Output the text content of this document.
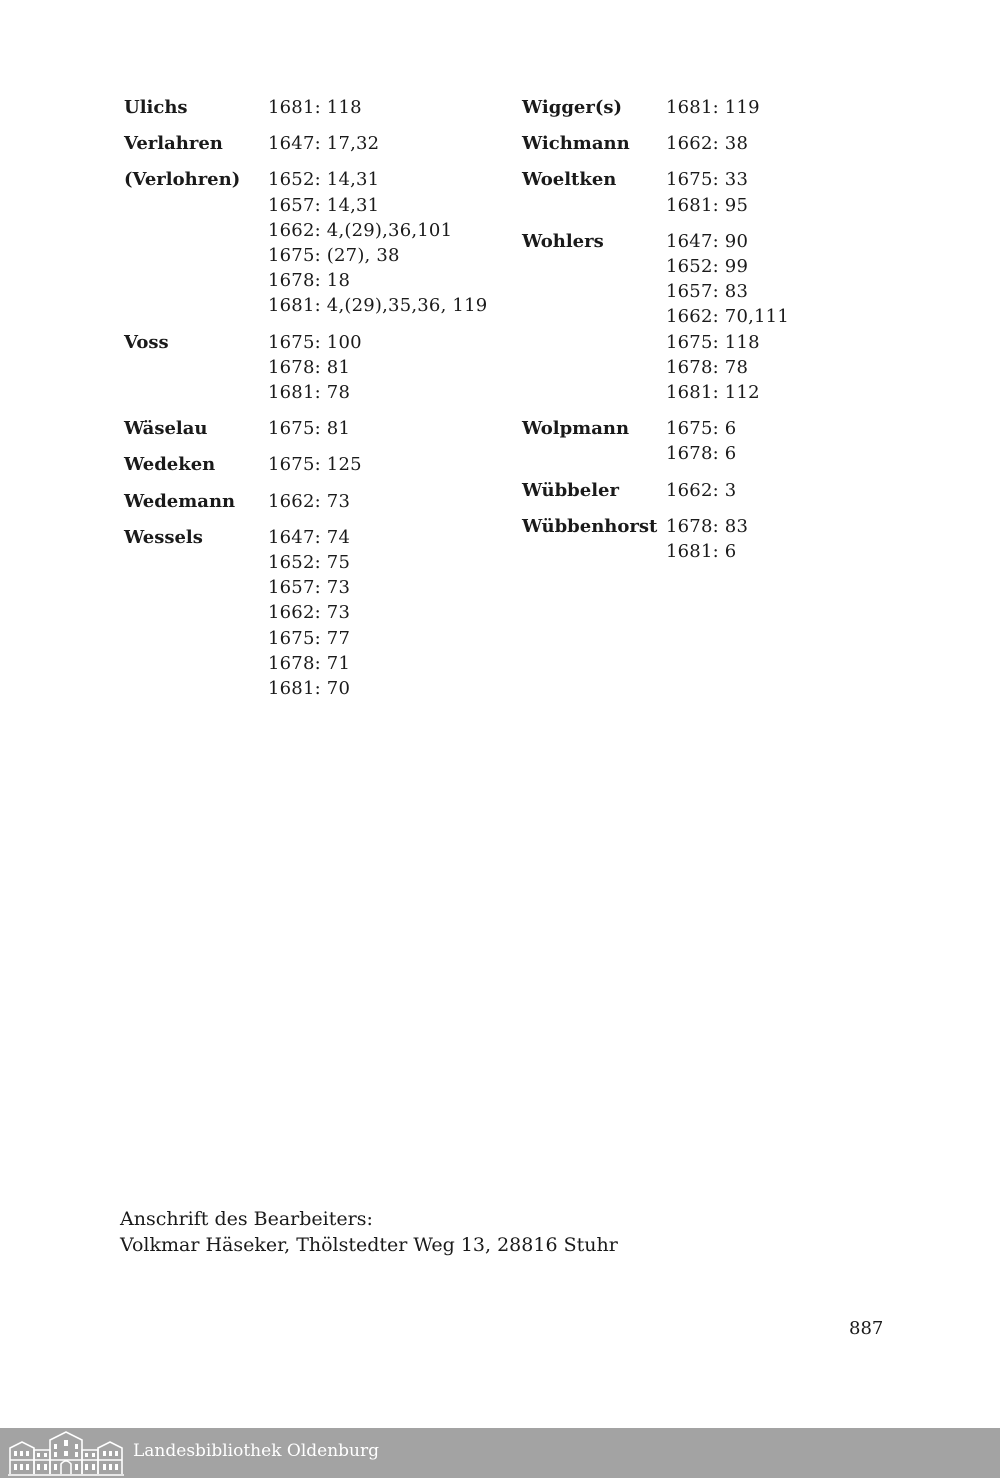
Ulichs	1681: 118
Verlahren	1647: 17,32
(Verlohren)	1652: 14,31
1657: 14,31
1662: 4,(29),36,101
1675: (27), 38
1678: 18
1681: 4,(29),35,36, 119
Voss	1675: 100
1678: 81
1681: 78
Wäselau	1675: 81
Wedeken	1675: 125
Wedemann	1662: 73
Wessels	1647: 74
1652: 75
1657: 73
1662: 73
1675: 77
1678: 71
1681: 70
Wigger(s)	1681: 119
Wichmann	1662: 38
Woeltken	1675: 33
1681: 95
Wohlers	1647: 90
1652: 99
1657: 83
1662: 70,111
1675: 118
1678: 78
1681: 112
Wolpmann	1675: 6
1678: 6
Wübbeler	1662: 3
Wübbenhorst 1678: 83
1681: 6
Anschrift des Bearbeiters:
Volkmar Häseker, Thölstedter Weg 13, 28816 Stuhr
887
Landesbibliothek Oldenburg
